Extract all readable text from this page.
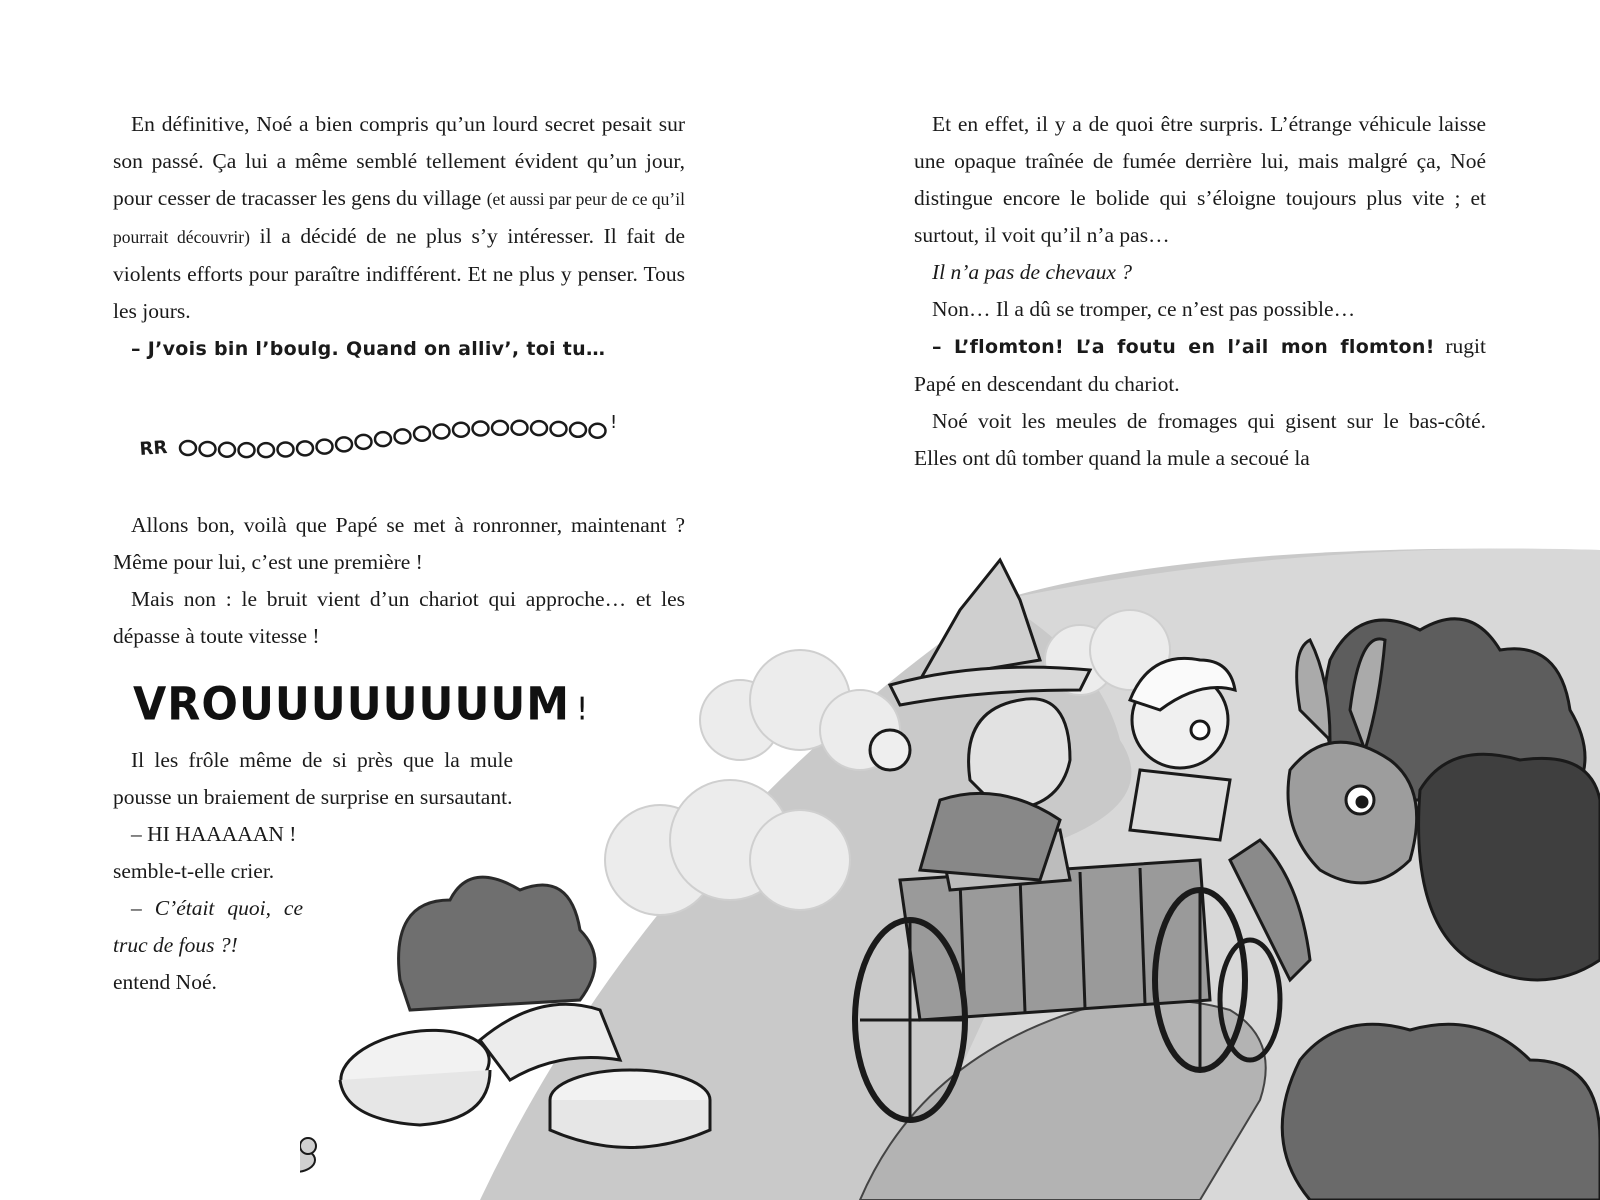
En définitive, Noé a bien compris qu’un lourd secret pesait sur son passé. Ça lui a même semblé tellement évident qu’un jour, pour cesser de tracasser les gens du village (et aussi par peur de ce qu’il pourrait découvrir) il a décidé de ne plus s’y intéresser. Il fait de violents efforts pour paraître indifférent. Et ne plus y penser. Tous les jours.

– J’vois bin l’boulg. Quand on alliv’, toi tu…

RR
!

Allons bon, voilà que Papé se met à ronronner, maintenant ? Même pour lui, c’est une première !

Mais non : le bruit vient d’un chariot qui approche… et les dépasse à toute vitesse !

VROUUUUUUUUM !

Il les frôle même de si près que la mule pousse un braiement de surprise en sursautant.

– HI HAAAAAN !

semble-t-elle crier.

– C’était quoi, ce truc de fous ?!

entend Noé.

Et en effet, il y a de quoi être surpris. L’étrange véhicule laisse une opaque traînée de fumée derrière lui, mais malgré ça, Noé distingue encore le bolide qui s’éloigne toujours plus vite ; et surtout, il voit qu’il n’a pas…

Il n’a pas de chevaux ?

Non… Il a dû se tromper, ce n’est pas possible…

– L’flomton! L’a foutu en l’ail mon flomton! rugit Papé en descendant du chariot.

Noé voit les meules de fromages qui gisent sur le bas-côté. Elles ont dû tomber quand la mule a secoué la
